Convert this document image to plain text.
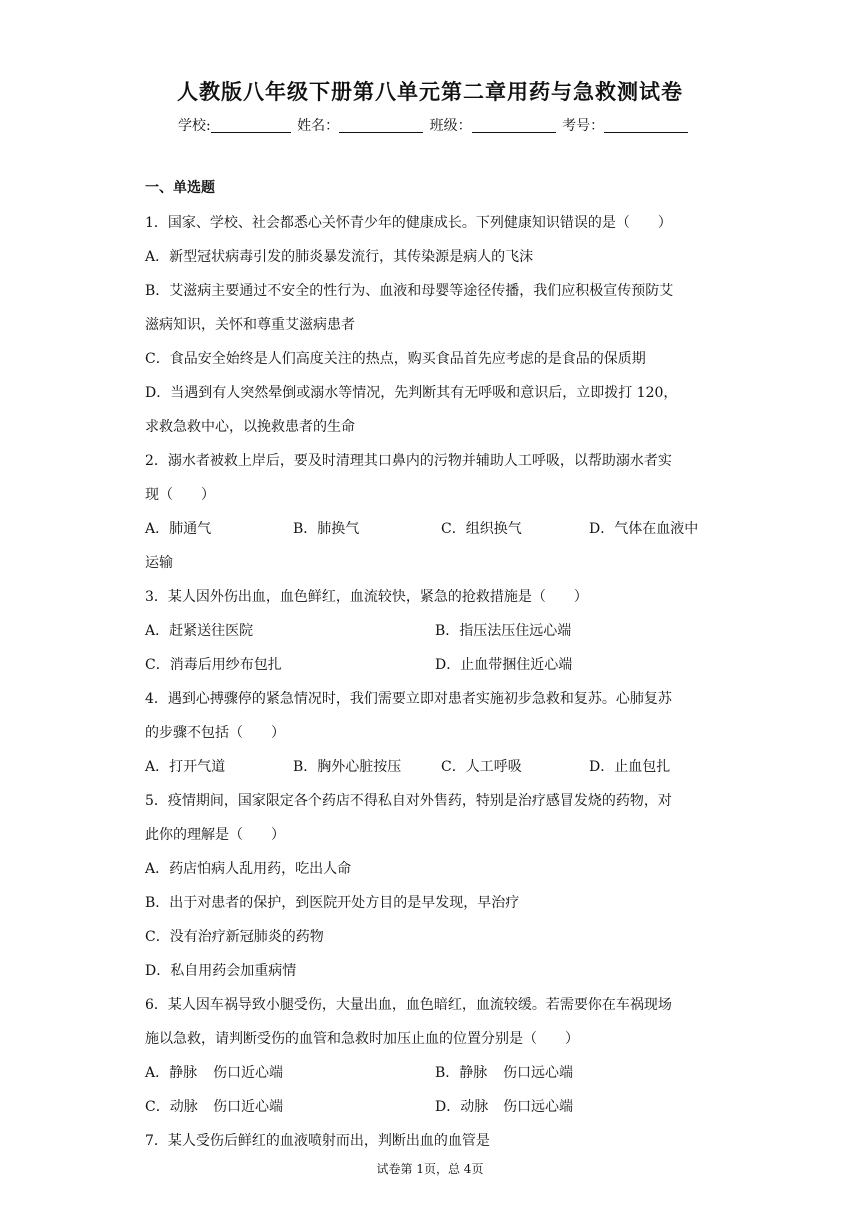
人教版八年级下册第八单元第二章用药与急救测试卷
学校:	姓名：	班级：	考号：
一、单选题
1．国家、学校、社会都悉心关怀青少年的健康成长。下列健康知识错误的是（　　）
A．新型冠状病毒引发的肺炎暴发流行，其传染源是病人的飞沫
B．艾滋病主要通过不安全的性行为、血液和母婴等途径传播，我们应积极宣传预防艾
滋病知识，关怀和尊重艾滋病患者
C．食品安全始终是人们高度关注的热点，购买食品首先应考虑的是食品的保质期
D．当遇到有人突然晕倒或溺水等情况，先判断其有无呼吸和意识后，立即拨打 120，
求救急救中心，以挽救患者的生命
2．溺水者被救上岸后，要及时清理其口鼻内的污物并辅助人工呼吸，以帮助溺水者实
现（　　）
A．肺通气	B．肺换气	C．组织换气	D．气体在血液中
运输
3．某人因外伤出血，血色鲜红，血流较快，紧急的抢救措施是（　　）
A．赶紧送往医院	B．指压法压住远心端
C．消毒后用纱布包扎	D．止血带捆住近心端
4．遇到心搏骤停的紧急情况时，我们需要立即对患者实施初步急救和复苏。心肺复苏
的步骤不包括（　　）
A．打开气道	B．胸外心脏按压	C．人工呼吸	D．止血包扎
5．疫情期间，国家限定各个药店不得私自对外售药，特别是治疗感冒发烧的药物，对
此你的理解是（　　）
A．药店怕病人乱用药，吃出人命
B．出于对患者的保护，到医院开处方目的是早发现，早治疗
C．没有治疗新冠肺炎的药物
D．私自用药会加重病情
6．某人因车祸导致小腿受伤，大量出血，血色暗红，血流较缓。若需要你在车祸现场
施以急救，请判断受伤的血管和急救时加压止血的位置分别是（　　）
A．静脉 伤口近心端	B．静脉 伤口远心端
C．动脉 伤口近心端	D．动脉 伤口远心端
7．某人受伤后鲜红的血液喷射而出，判断出血的血管是
试卷第 1页，总 4页
